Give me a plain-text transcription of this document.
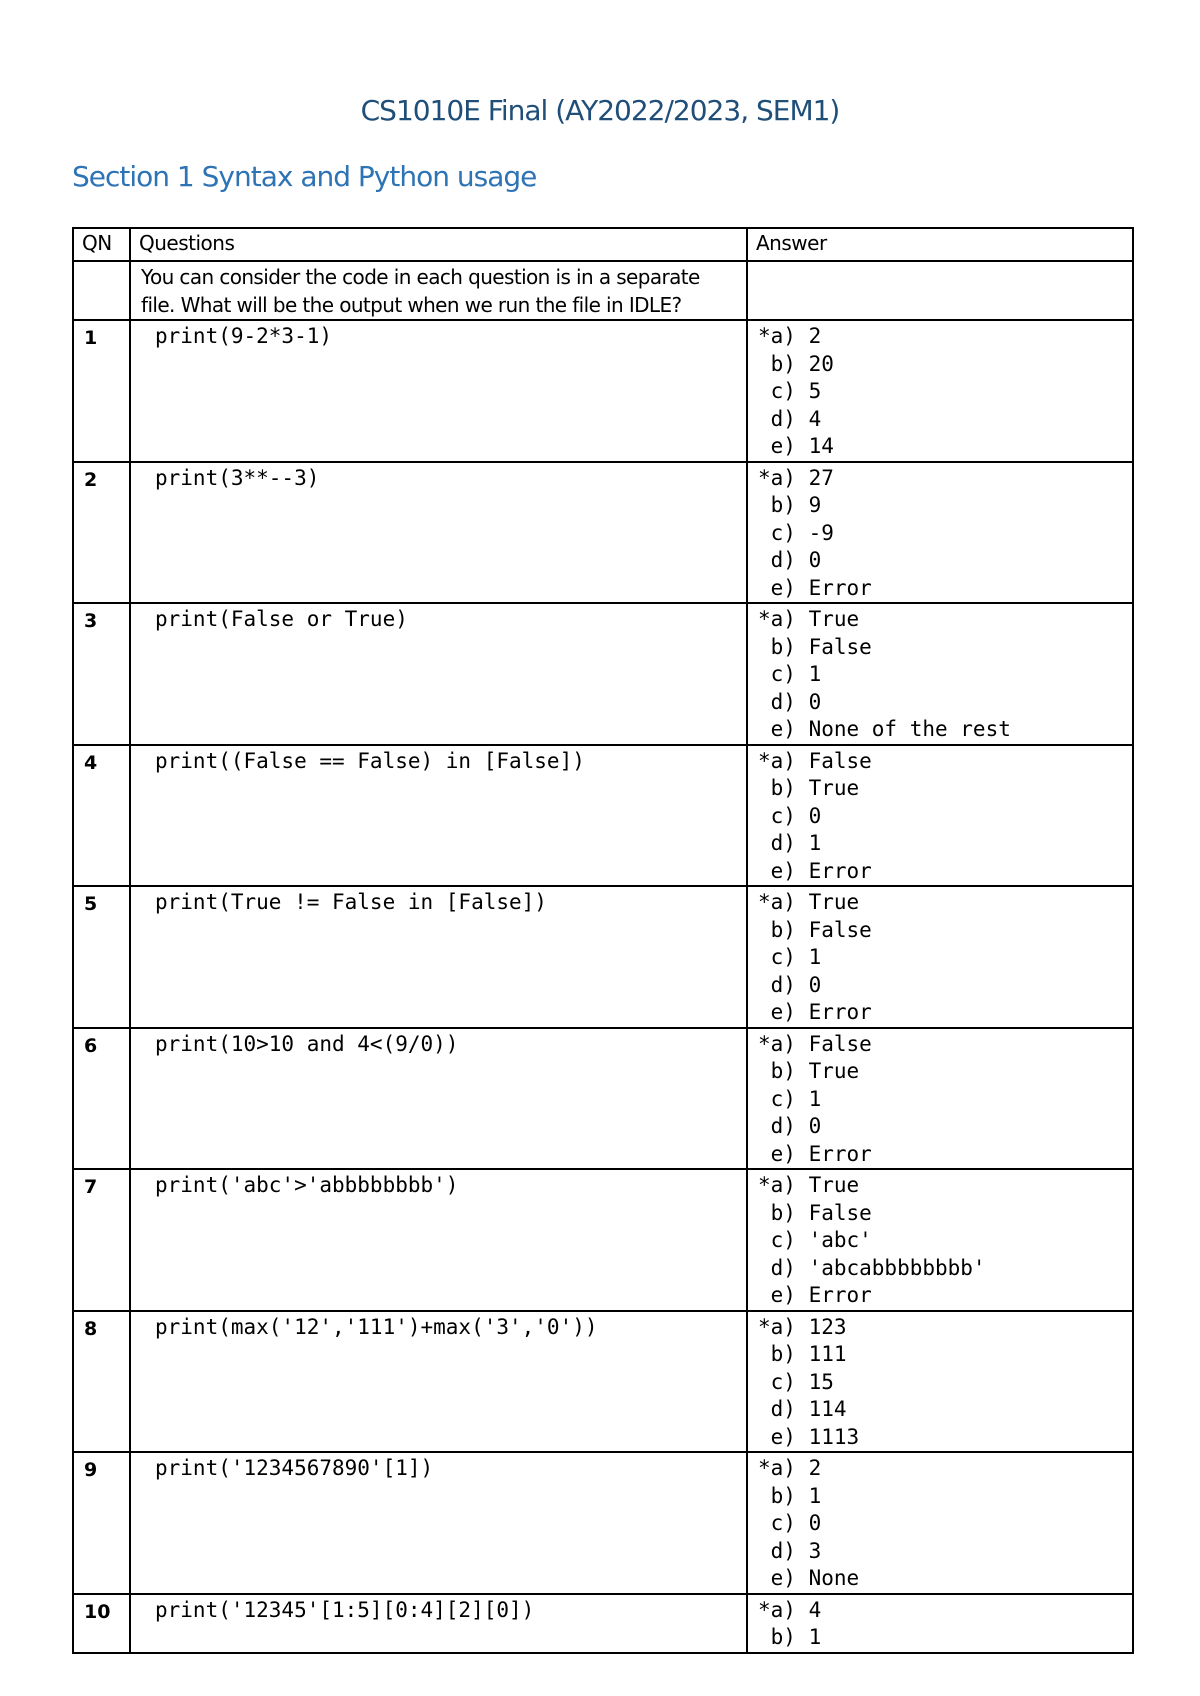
CS1010E Final (AY2022/2023, SEM1)
Section 1 Syntax and Python usage
QN	Questions	Answer

	You can consider the code in each question is in a separate file. What will be the output when we run the file in IDLE?	

1	print(9-2*3-1)	*a) 2
b) 20
c) 5
d) 4
e) 14

2	print(3**--3)	*a) 27
b) 9
c) -9
d) 0
e) Error

3	print(False or True)	*a) True
b) False
c) 1
d) 0
e) None of the rest

4	print((False == False) in [False])	*a) False
b) True
c) 0
d) 1
e) Error

5	print(True != False in [False])	*a) True
b) False
c) 1
d) 0
e) Error

6	print(10>10 and 4<(9/0))	*a) False
b) True
c) 1
d) 0
e) Error

7	print('abc'>'abbbbbbbb')	*a) True
b) False
c) 'abc'
d) 'abcabbbbbbbb'
e) Error

8	print(max('12','111')+max('3','0'))	*a) 123
b) 111
c) 15
d) 114
e) 1113

9	print('1234567890'[1])	*a) 2
b) 1
c) 0
d) 3
e) None

10	print('12345'[1:5][0:4][2][0])	*a) 4
b) 1
